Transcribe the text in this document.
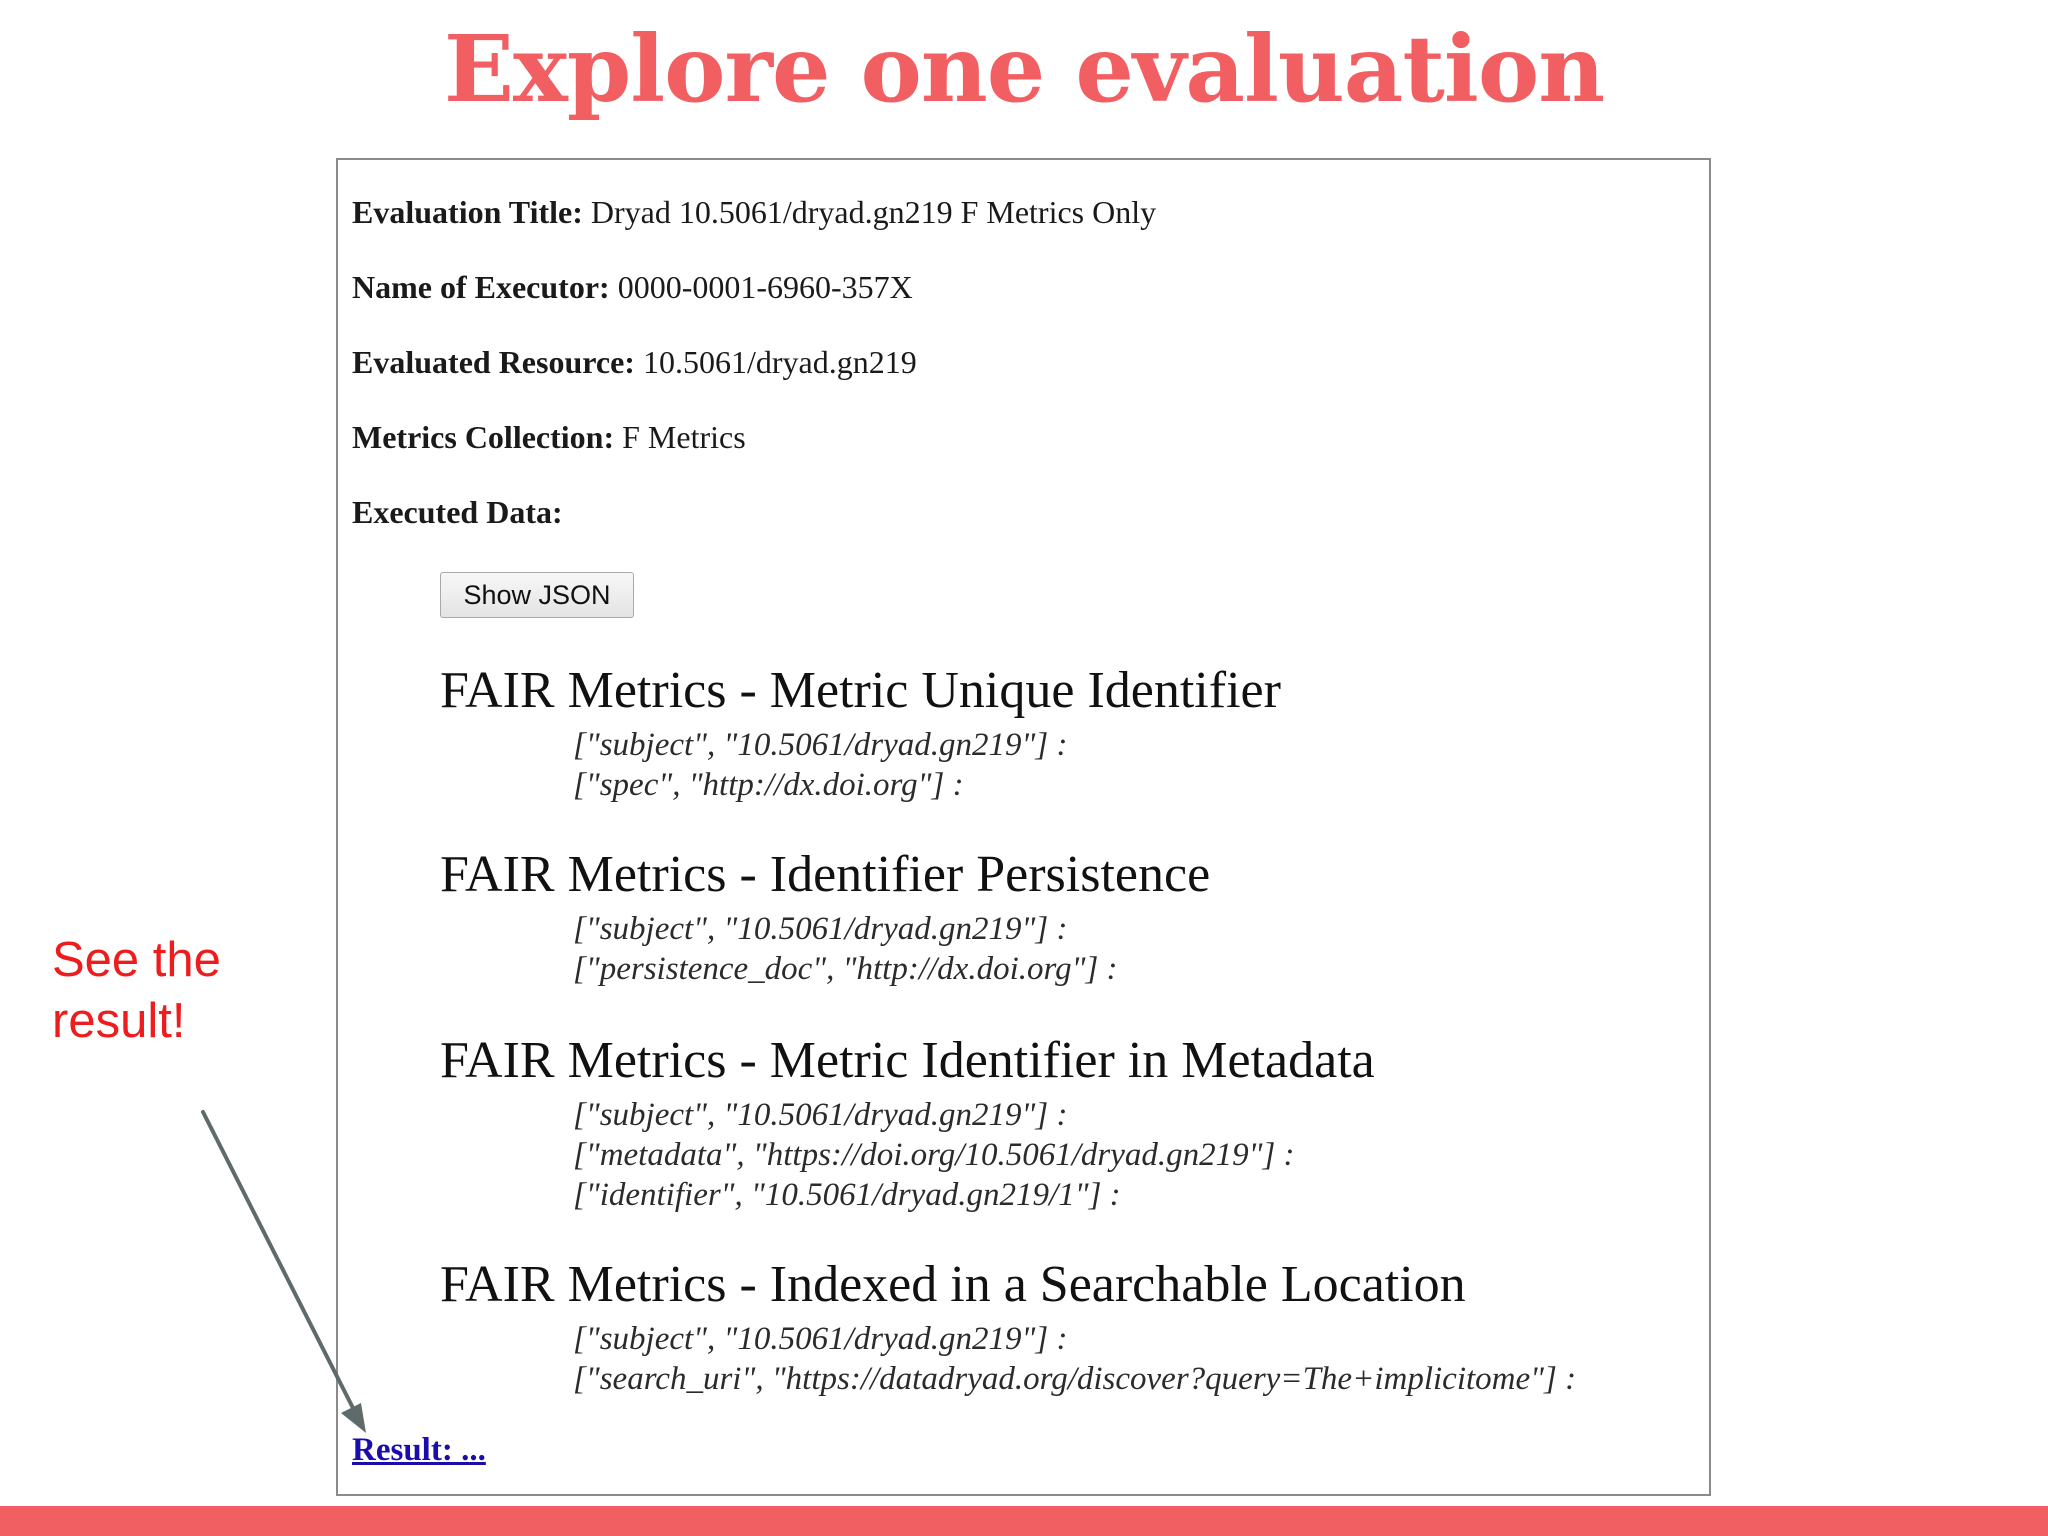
Explore one evaluation
Evaluation Title: Dryad 10.5061/dryad.gn219 F Metrics Only
Name of Executor: 0000-0001-6960-357X
Evaluated Resource: 10.5061/dryad.gn219
Metrics Collection: F Metrics
Executed Data:
Show JSON
FAIR Metrics - Metric Unique Identifier
["subject", "10.5061/dryad.gn219"] :
["spec", "http://dx.doi.org"] :
FAIR Metrics - Identifier Persistence
["subject", "10.5061/dryad.gn219"] :
["persistence_doc", "http://dx.doi.org"] :
FAIR Metrics - Metric Identifier in Metadata
["subject", "10.5061/dryad.gn219"] :
["metadata", "https://doi.org/10.5061/dryad.gn219"] :
["identifier", "10.5061/dryad.gn219/1"] :
FAIR Metrics - Indexed in a Searchable Location
["subject", "10.5061/dryad.gn219"] :
["search_uri", "https://datadryad.org/discover?query=The+implicitome"] :
Result: ...
See the result!
